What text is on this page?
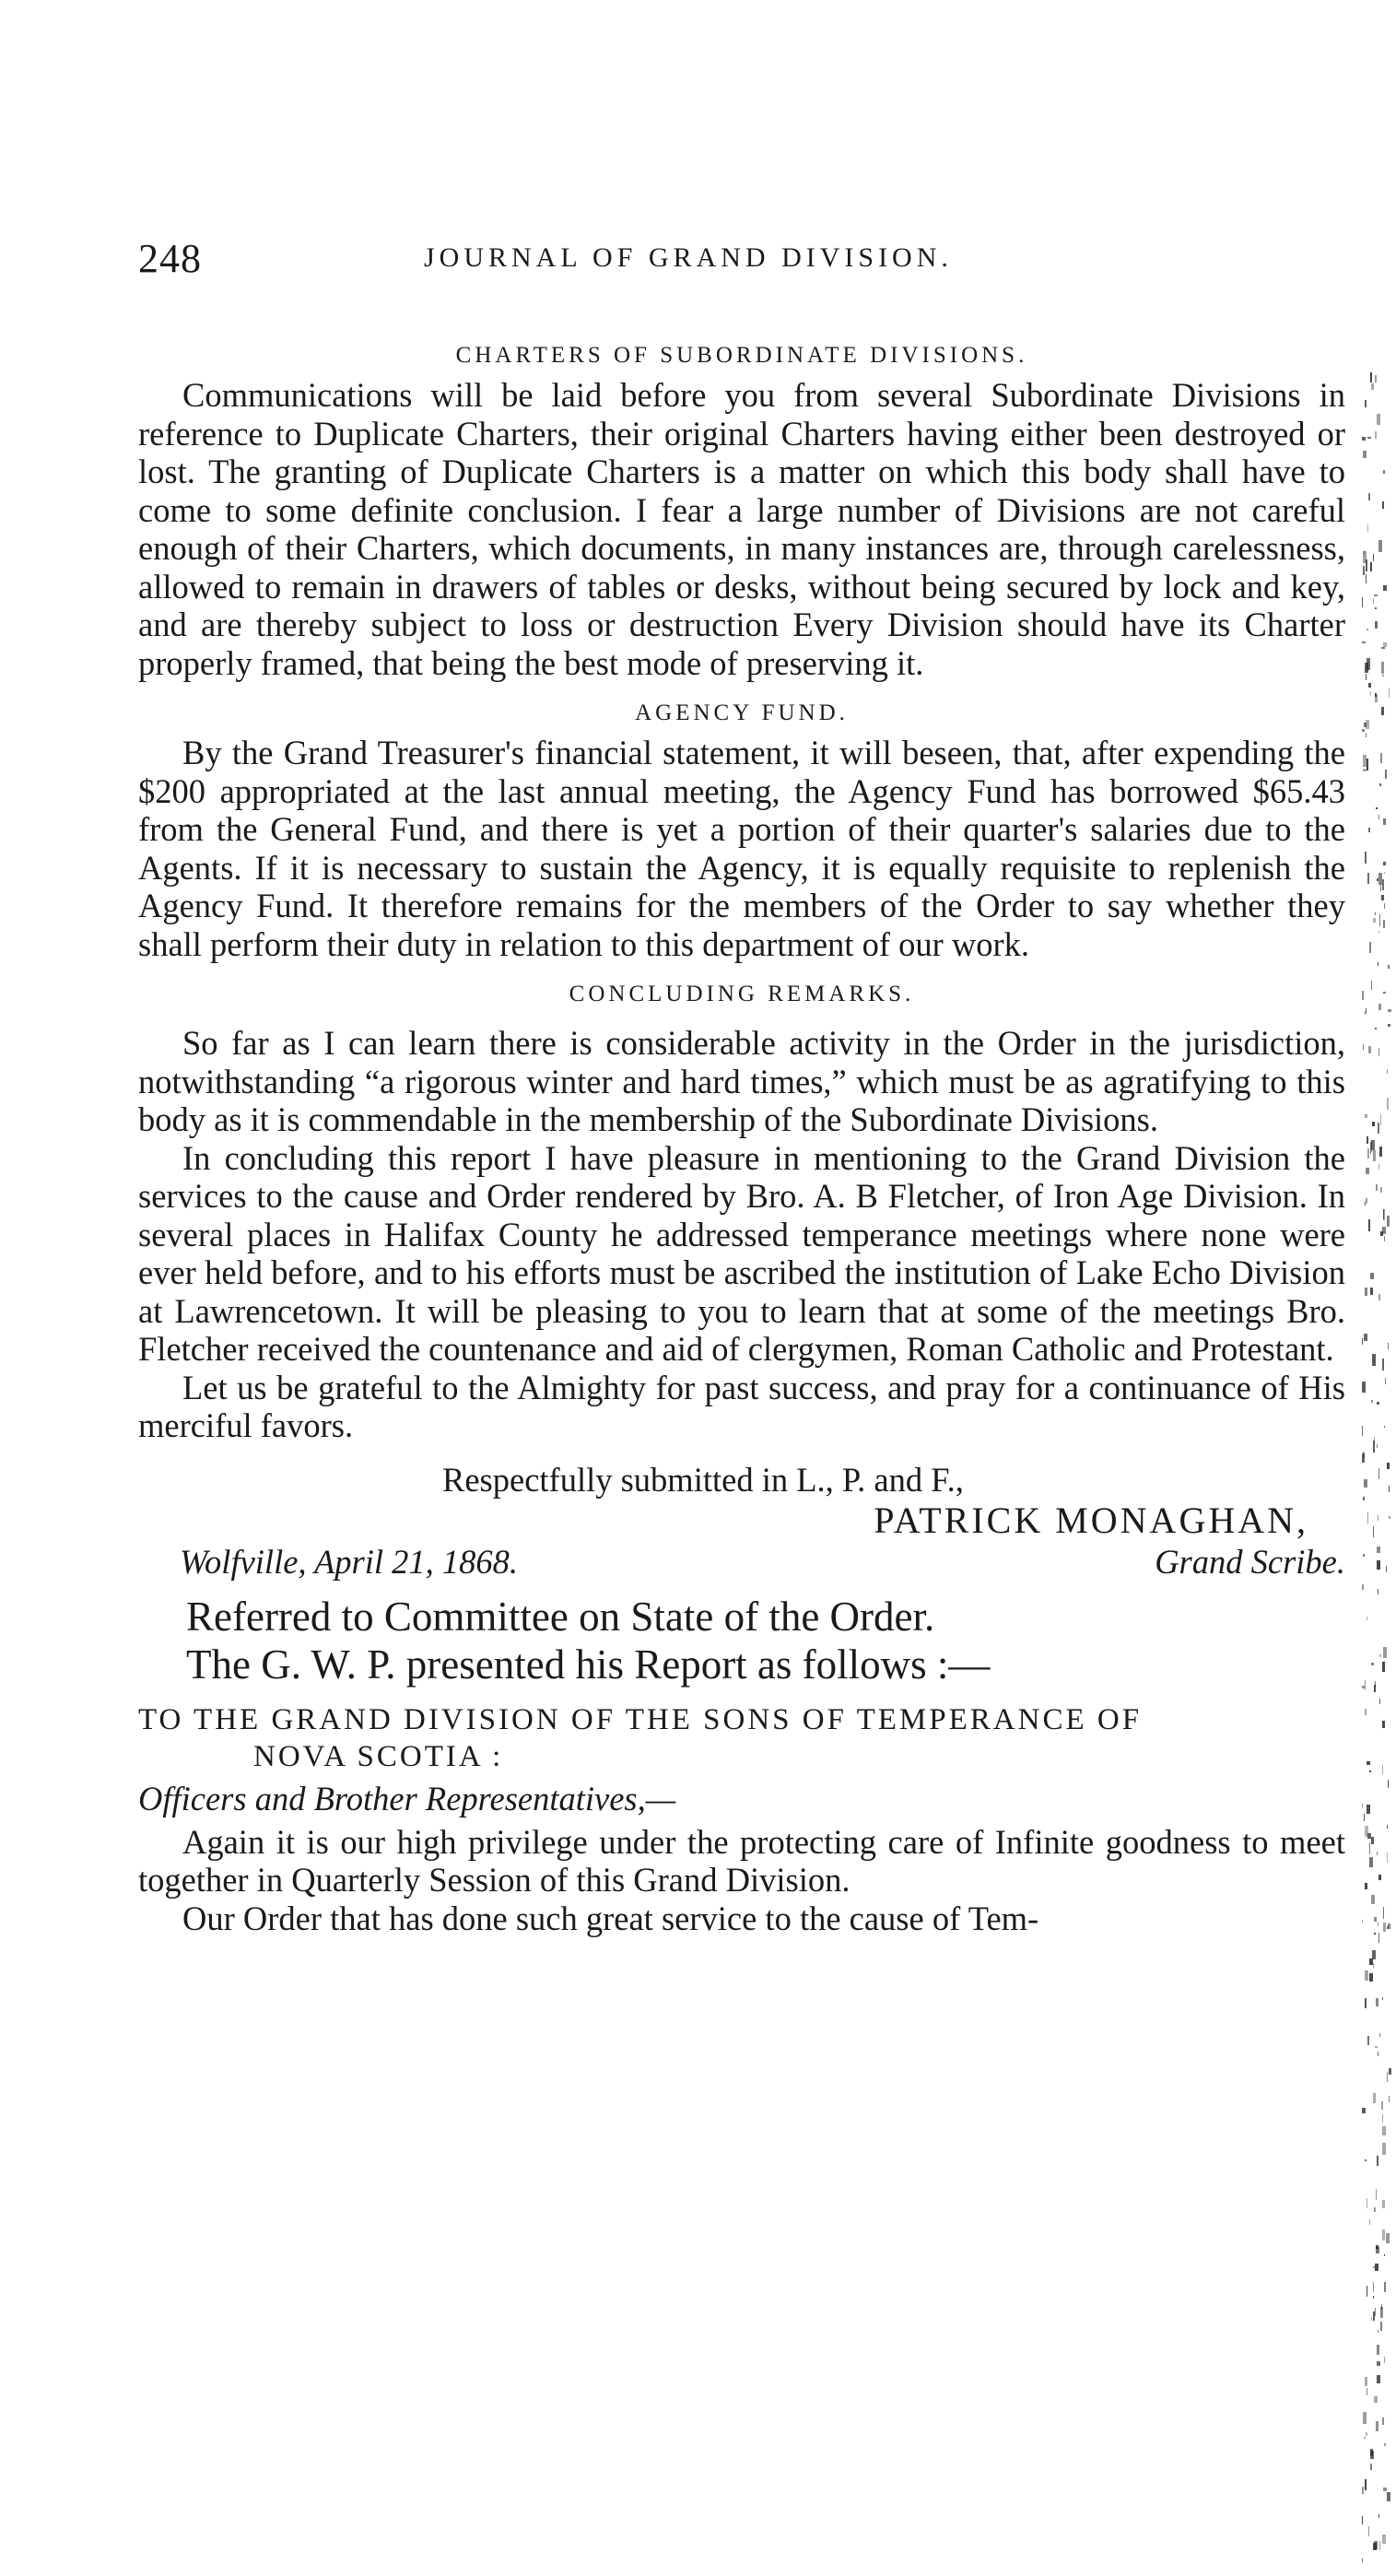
248	JOURNAL OF GRAND DIVISION.
CHARTERS OF SUBORDINATE DIVISIONS.

Communications will be laid before you from several Subordinate Divisions in reference to Duplicate Charters, their original Charters having either been destroyed or lost. The granting of Duplicate Charters is a matter on which this body shall have to come to some definite conclusion. I fear a large number of Divisions are not careful enough of their Charters, which documents, in many instances are, through carelessness, allowed to remain in drawers of tables or desks, without being secured by lock and key, and are thereby subject to loss or destruction Every Division should have its Charter properly framed, that being the best mode of preserving it.

AGENCY FUND.

By the Grand Treasurer's financial statement, it will beseen, that, after expending the $200 appropriated at the last annual meeting, the Agency Fund has borrowed $65.43 from the General Fund, and there is yet a portion of their quarter's salaries due to the Agents. If it is necessary to sustain the Agency, it is equally requisite to replenish the Agency Fund. It therefore remains for the members of the Order to say whether they shall perform their duty in relation to this department of our work.

CONCLUDING REMARKS.

So far as I can learn there is considerable activity in the Order in the jurisdiction, notwithstanding “a rigorous winter and hard times,” which must be as agratifying to this body as it is commendable in the membership of the Subordinate Divisions.

In concluding this report I have pleasure in mentioning to the Grand Division the services to the cause and Order rendered by Bro. A. B Fletcher, of Iron Age Division. In several places in Halifax County he addressed temperance meetings where none were ever held before, and to his efforts must be ascribed the institution of Lake Echo Division at Lawrencetown. It will be pleasing to you to learn that at some of the meetings Bro. Fletcher received the countenance and aid of clergymen, Roman Catholic and Protestant.

Let us be grateful to the Almighty for past success, and pray for a continuance of His merciful favors.

Respectfully submitted in L., P. and F.,
PATRICK MONAGHAN,
Wolfville, April 21, 1868.	Grand Scribe.
Referred to Committee on State of the Order.
The G. W. P. presented his Report as follows :—
TO THE GRAND DIVISION OF THE SONS OF TEMPERANCE OF
NOVA SCOTIA :
Officers and Brother Representatives,—

Again it is our high privilege under the protecting care of Infinite goodness to meet together in Quarterly Session of this Grand Division.

Our Order that has done such great service to the cause of Tem-
